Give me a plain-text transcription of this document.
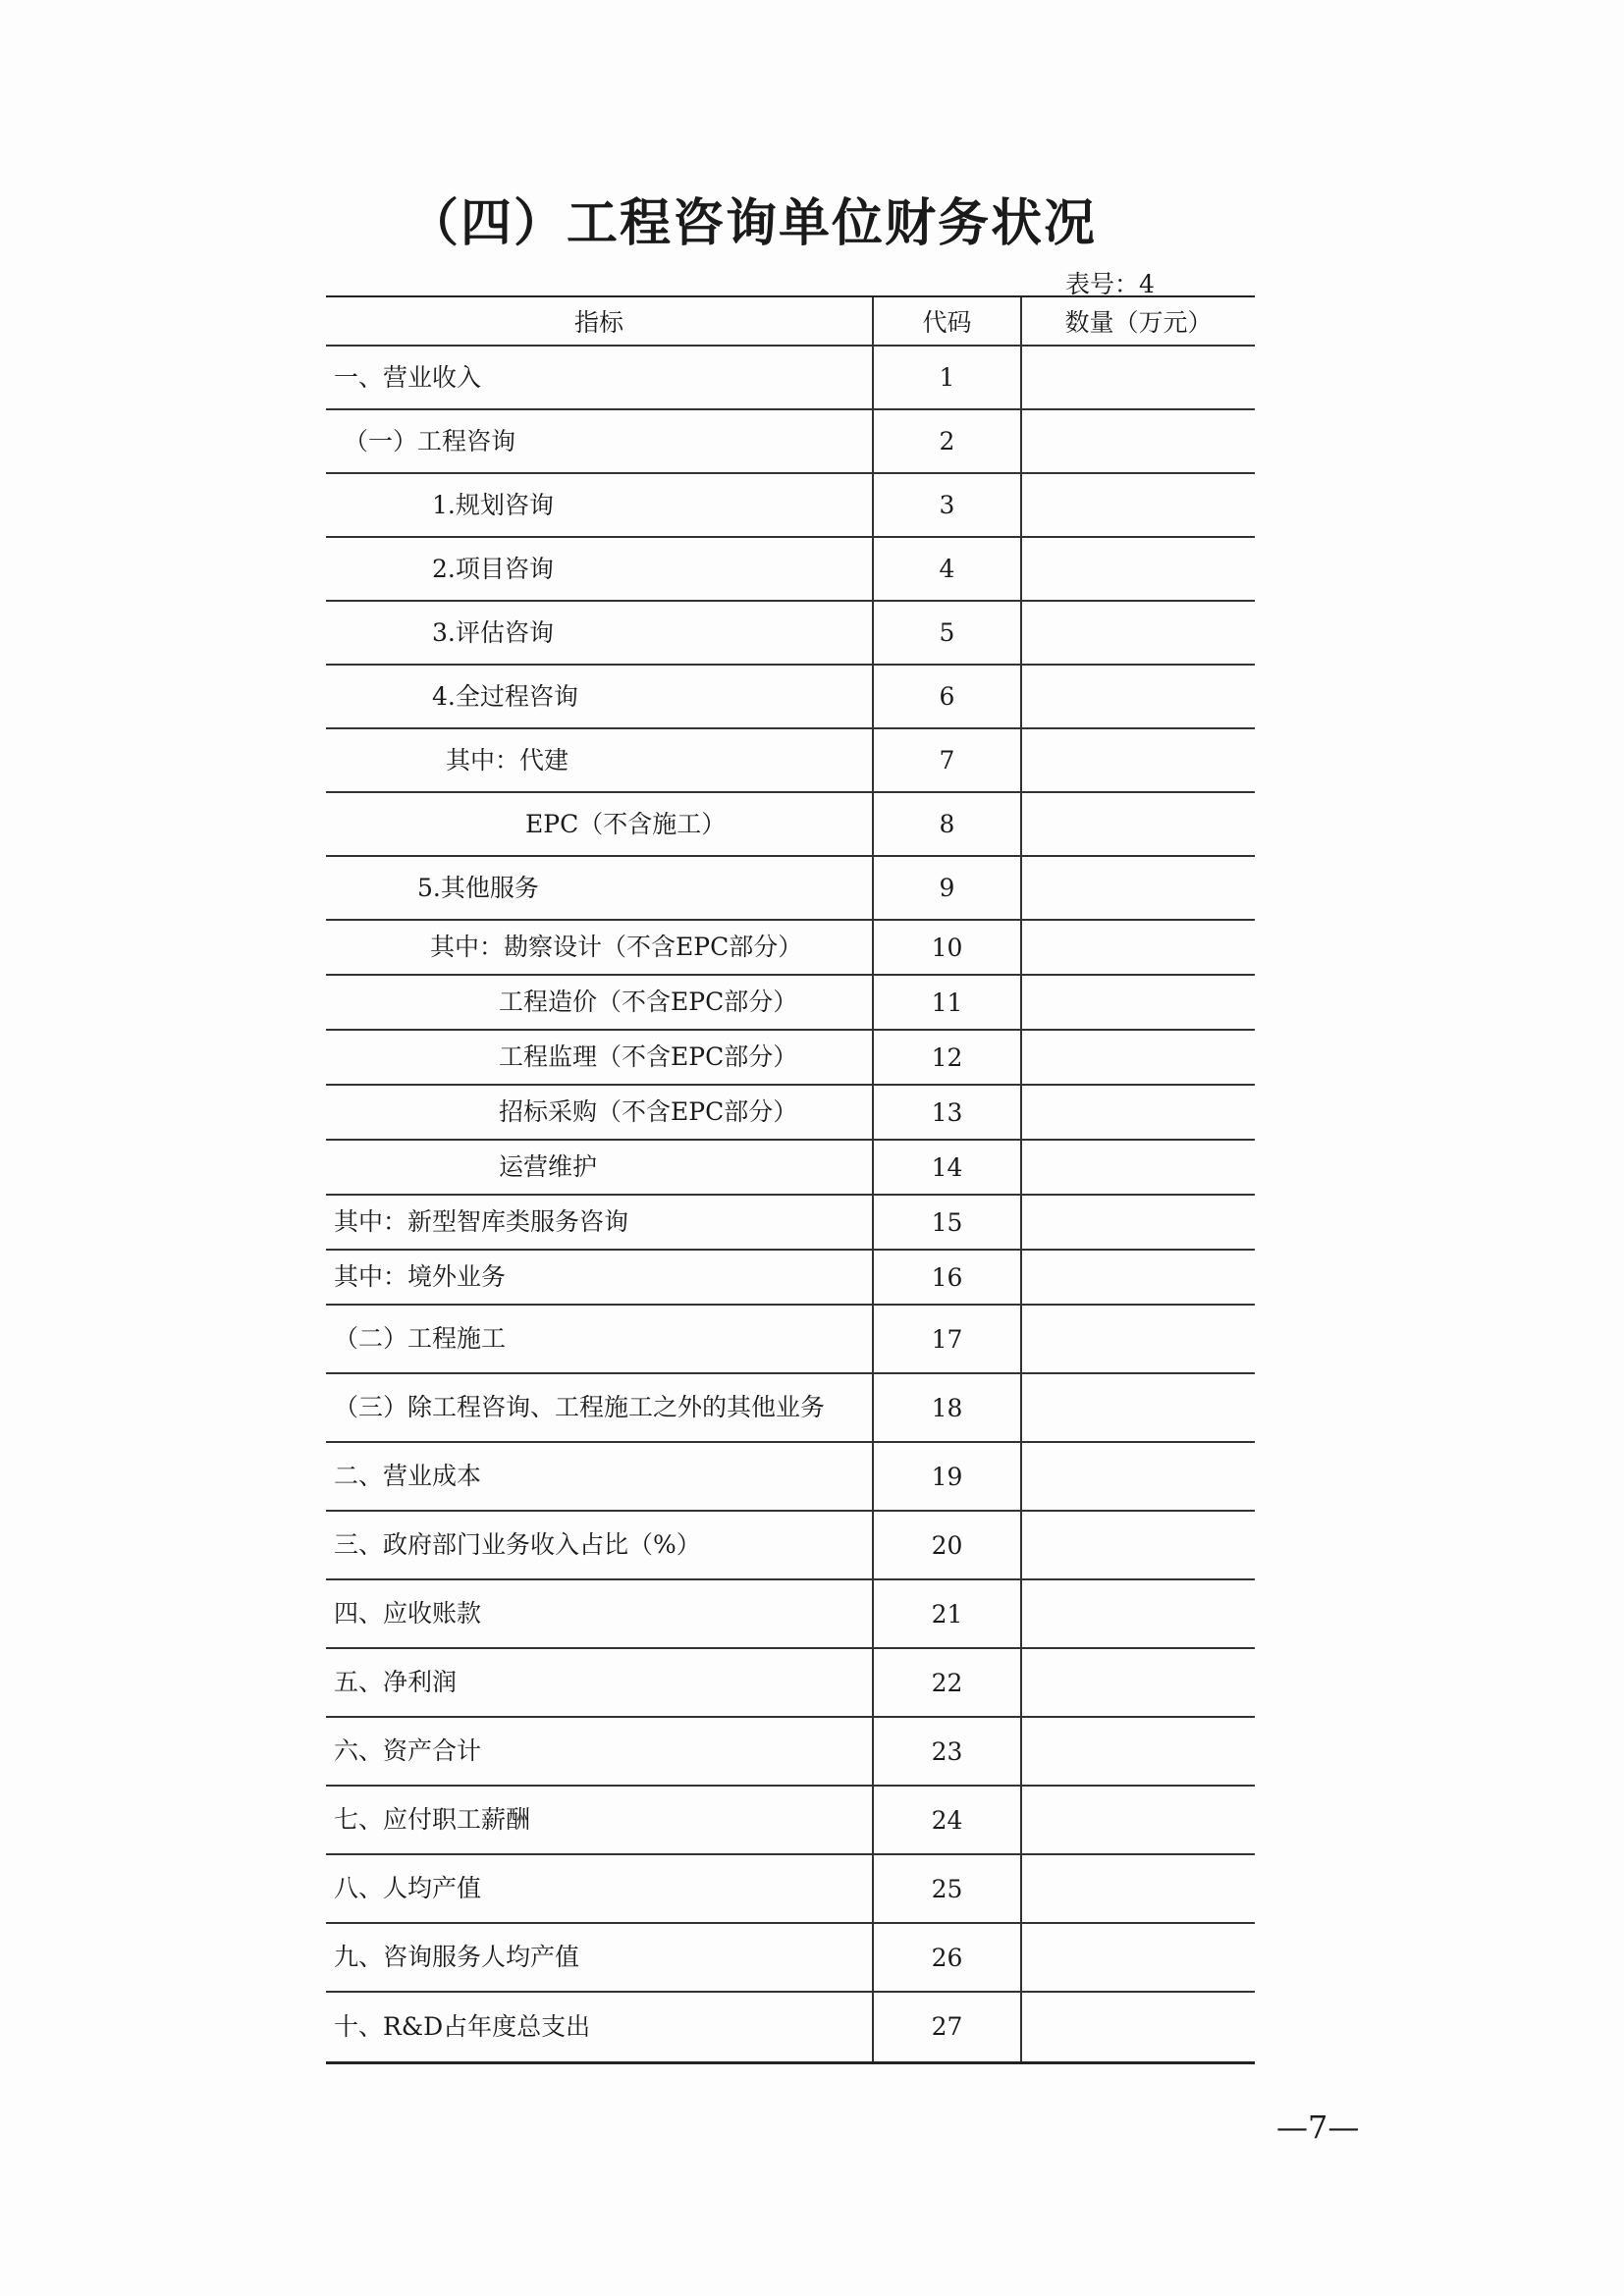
（四）工程咨询单位财务状况
表号：4
指标	代码	数量（万元）

一、营业收入	1	

（一）工程咨询	2	

1.规划咨询	3	

2.项目咨询	4	

3.评估咨询	5	

4.全过程咨询	6	

其中：代建	7	

EPC（不含施工）	8	

5.其他服务	9	

其中：勘察设计（不含EPC部分）	10	

工程造价（不含EPC部分）	11	

工程监理（不含EPC部分）	12	

招标采购（不含EPC部分）	13	

运营维护	14	

其中：新型智库类服务咨询	15	

其中：境外业务	16	

（二）工程施工	17	

（三）除工程咨询、工程施工之外的其他业务	18	

二、营业成本	19	

三、政府部门业务收入占比（%）	20	

四、应收账款	21	

五、净利润	22	

六、资产合计	23	

七、应付职工薪酬	24	

八、人均产值	25	

九、咨询服务人均产值	26	

十、R&D占年度总支出	27	
—7—
